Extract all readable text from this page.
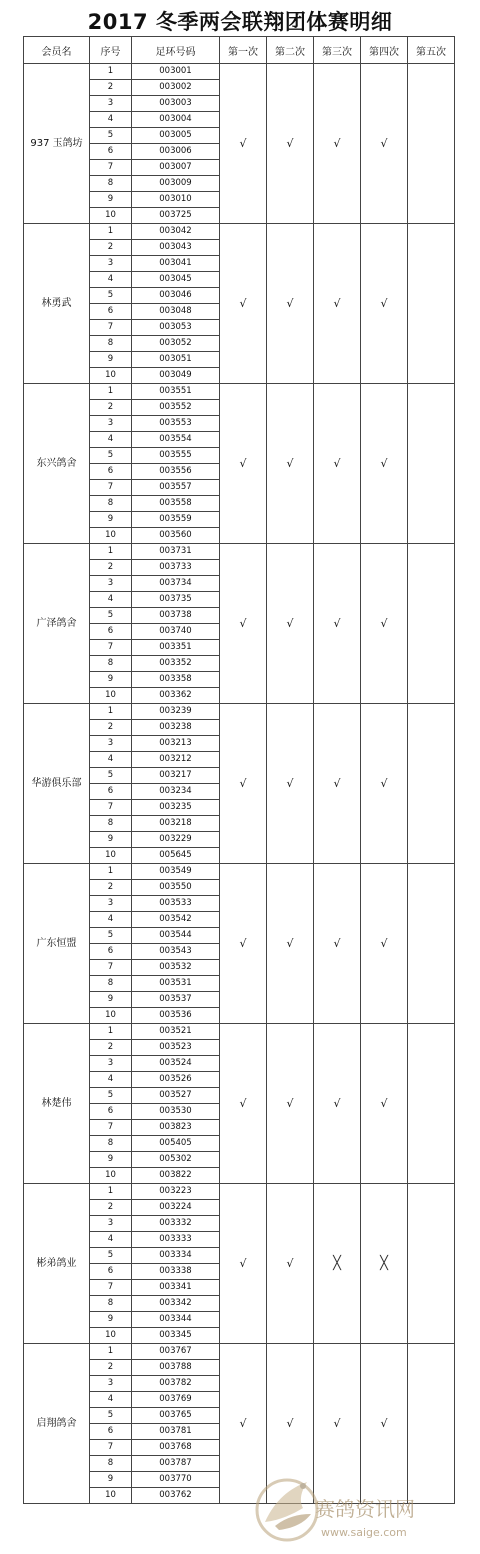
2017 冬季两会联翔团体赛明细
会员名	序号	足环号码	第一次	第二次	第三次	第四次	第五次
937 玉鸽坊	1	003001	√	√	√	√	
	2	003002					
	3	003003					
	4	003004					
	5	003005					
	6	003006					
	7	003007					
	8	003009					
	9	003010					
	10	003725					
林勇武	1	003042	√	√	√	√	
	2	003043					
	3	003041					
	4	003045					
	5	003046					
	6	003048					
	7	003053					
	8	003052					
	9	003051					
	10	003049					
东兴鸽舍	1	003551	√	√	√	√	
	2	003552					
	3	003553					
	4	003554					
	5	003555					
	6	003556					
	7	003557					
	8	003558					
	9	003559					
	10	003560					
广泽鸽舍	1	003731	√	√	√	√	
	2	003733					
	3	003734					
	4	003735					
	5	003738					
	6	003740					
	7	003351					
	8	003352					
	9	003358					
	10	003362					
华游俱乐部	1	003239	√	√	√	√	
	2	003238					
	3	003213					
	4	003212					
	5	003217					
	6	003234					
	7	003235					
	8	003218					
	9	003229					
	10	005645					
广东恒盟	1	003549	√	√	√	√	
	2	003550					
	3	003533					
	4	003542					
	5	003544					
	6	003543					
	7	003532					
	8	003531					
	9	003537					
	10	003536					
林楚伟	1	003521	√	√	√	√	
	2	003523					
	3	003524					
	4	003526					
	5	003527					
	6	003530					
	7	003823					
	8	005405					
	9	005302					
	10	003822					
彬弟鸽业	1	003223	√	√	╳	╳	
	2	003224					
	3	003332					
	4	003333					
	5	003334					
	6	003338					
	7	003341					
	8	003342					
	9	003344					
	10	003345					
启翔鸽舍	1	003767	√	√	√	√	
	2	003788					
	3	003782					
	4	003769					
	5	003765					
	6	003781					
	7	003768					
	8	003787					
	9	003770					
	10	003762					
赛鸽资讯网
www.saige.com
